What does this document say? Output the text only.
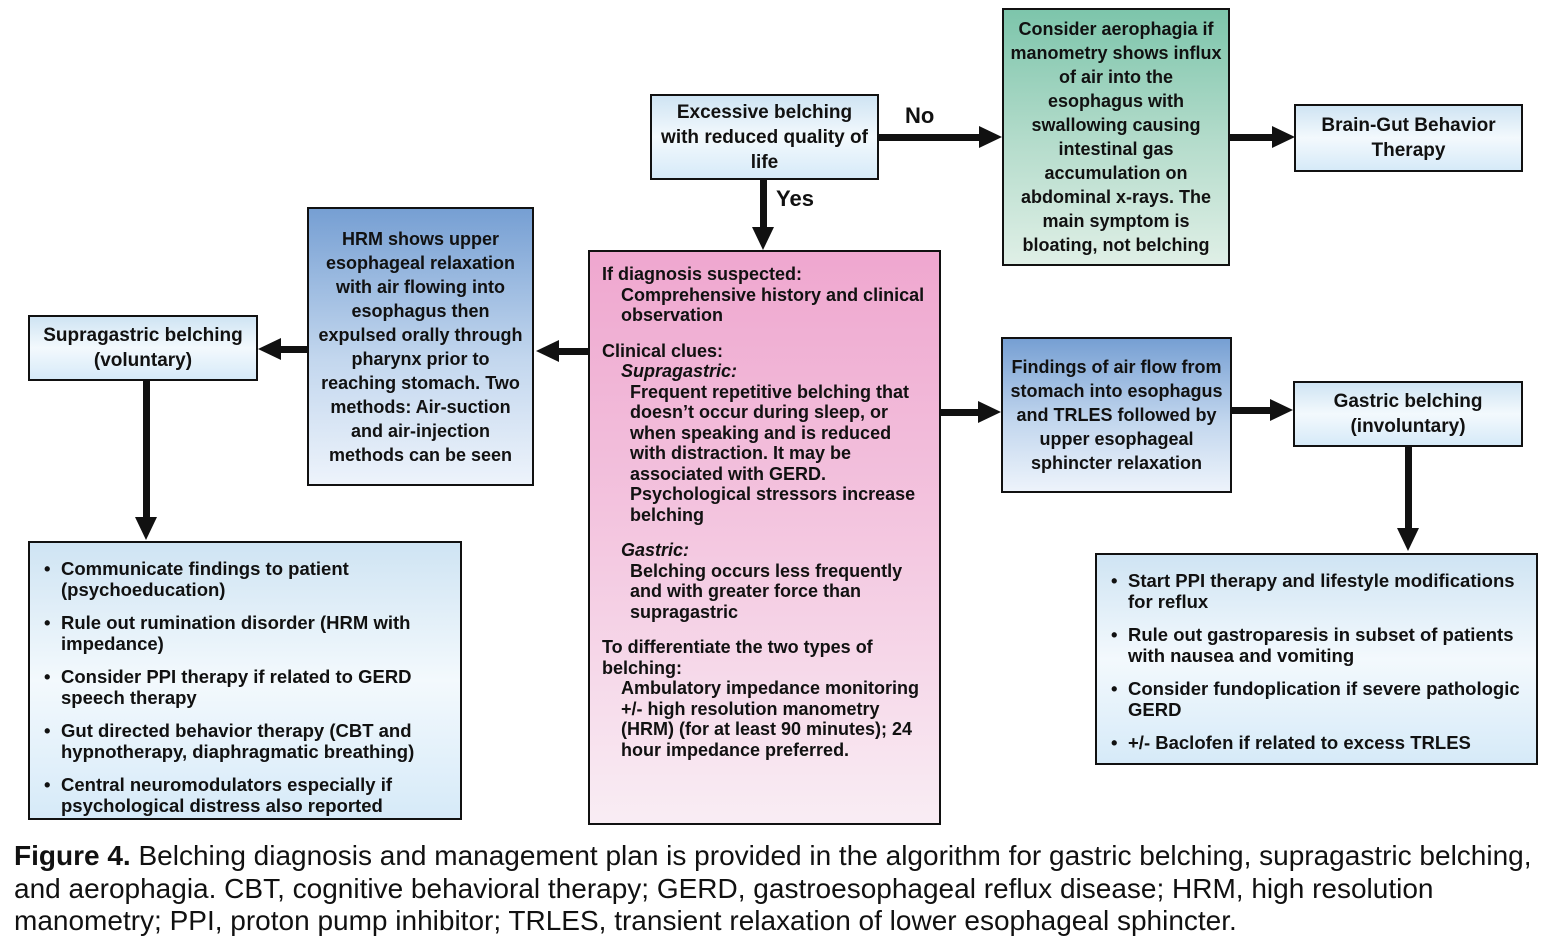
Excessive belching with reduced quality of life
Consider aerophagia if manometry shows influx of air into the esophagus with swallowing causing intestinal gas accumulation on abdominal x-rays. The main symptom is bloating, not belching
Brain-Gut Behavior Therapy
HRM shows upper esophageal relaxation with air flowing into esophagus then expulsed orally through pharynx prior to reaching stomach. Two methods: Air-suction and air-injection methods can be seen
Supragastric belching (voluntary)
If diagnosis suspected:
Comprehensive history and clinical observation
Clinical clues:
Supragastric:
Frequent repetitive belching that doesn’t occur during sleep, or when speaking and is reduced with distraction. It may be associated with GERD. Psychological stressors increase belching
Gastric:
Belching occurs less frequently and with greater force than supragastric
To differentiate the two types of belching:
Ambulatory impedance monitoring +/- high resolution manometry (HRM) (for at least 90 minutes); 24 hour impedance preferred.
Findings of air flow from stomach into esophagus and TRLES followed by upper esophageal sphincter relaxation
Gastric belching (involuntary)
• Communicate findings to patient (psychoeducation)
• Rule out rumination disorder (HRM with impedance)
• Consider PPI therapy if related to GERD speech therapy
• Gut directed behavior therapy (CBT and hypnotherapy, diaphragmatic breathing)
• Central neuromodulators especially if psychological distress also reported
• Start PPI therapy and lifestyle modifications for reflux
• Rule out gastroparesis in subset of patients with nausea and vomiting
• Consider fundoplication if severe pathologic GERD
• +/- Baclofen if related to excess TRLES
No
Yes
Figure 4. Belching diagnosis and management plan is provided in the algorithm for gastric belching, supragastric belching, and aerophagia. CBT, cognitive behavioral therapy; GERD, gastroesophageal reflux disease; HRM, high resolution manometry; PPI, proton pump inhibitor; TRLES, transient relaxation of lower esophageal sphincter.
